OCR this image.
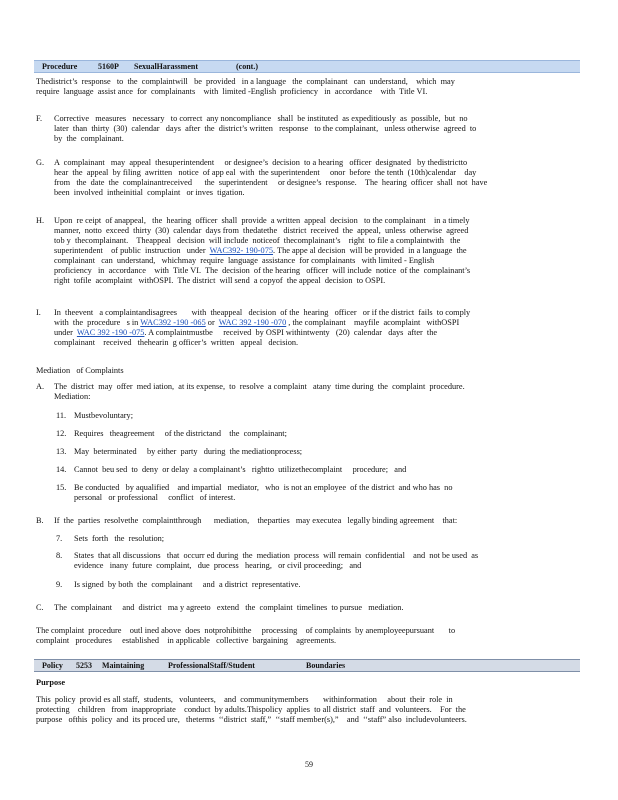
Procedure	5160P SexualHarassment	(cont.)

Thedistrict’s  response   to  the  complaintwill   be  provided   in a language   the  complainant   can  understand,    which  may

require  language  assist ance  for  complainants    with  limited -English  proficiency   in  accordance    with  Title VI.

F. Corrective   measures   necessary   to correct  any noncompliance   shall  be instituted  as expeditiously  as  possible,  but  no

later  than  thirty  (30)  calendar   days  after  the  district’s written   response   to the complainant,   unless otherwise  agreed  to

by  the  complainant.

G. A  complainant   may  appeal  thesuperintendent     or designee’s  decision  to a hearing   officer  designated   by thedistrictto

hear  the  appeal  by filing  awritten   notice  of app eal  with  the superintendent     onor  before  the tenth  (10th)calendar    day

from   the  date  the  complainantreceived      the  superintendent     or designee’s  response.    The  hearing  officer  shall  not  have

been  involved  intheinitial  complaint   or inves  tigation.

H. Upon  re ceipt  of anappeal,   the  hearing  officer  shall  provide  a written  appeal  decision   to the complainant    in a timely

manner,  notto  exceed  thirty  (30)  calendar  days from  thedatethe   district  received  the  appeal,  unless  otherwise  agreed

tob y  thecomplainant.    Theappeal   decision  will include  noticeof  thecomplainant’s    right  to file a complaintwith   the

superintendent    of public  instruction   under  WAC392- 190-075. The appe al decision  will be provided  in a language  the

complainant   can  understand,   whichmay  require  language  assistance  for complainants   with limited - English

proficiency   in  accordance    with  Title VI.  The  decision  of the hearing   officer  will include  notice  of the  complainant’s

right  tofile  acomplaint   withOSPI.  The district  will send  a copyof  the appeal  decision  to OSPI.

I. In  theevent   a complaintandisagrees       with  theappeal   decision  of the  hearing   officer   or if the district  fails  to comply

with  the  procedure   s in WAC392 -190 -065 or  WAC 392 -190 -070 , the complainant    mayfile  acomplaint   withOSPI

under  WAC 392 -190 -075. A complaintmustbe     received  by OSPI withintwenty   (20)  calendar   days  after  the

complainant    received   thehearin  g officer’s  written   appeal   decision.

Mediation   of Complaints

A. The  district  may  offer  med iation,  at its expense,  to  resolve  a complaint   atany  time during  the  complaint  procedure.

Mediation:

11. Mustbevoluntary;

12. Requires   theagreement     of the districtand    the  complainant;

13. May  beterminated     by either  party   during  the mediationprocess;

14. Cannot  beu sed  to  deny  or delay  a complainant’s   rightto  utilizethecomplaint     procedure;   and

15. Be conducted   by aqualified    and impartial   mediator,   who  is not an employee  of the district  and who has  no

personal   or professional     conflict   of interest.

B. If  the  parties  resolvethe  complaintthrough      mediation,    theparties   may executea   legally binding agreement    that:

7. Sets  forth   the  resolution;

8. States  that all discussions   that  occurr ed during  the  mediation  process  will remain  confidential    and  not be used  as

evidence   inany  future  complaint,   due  process   hearing,   or civil proceeding;   and

9. Is signed  by both  the  complainant     and  a district  representative.

C. The  complainant     and  district   ma y agreeto   extend   the  complaint  timelines  to pursue   mediation.

The complaint  procedure    outl ined above  does  notprohibitthe     processing    of complaints  by anemployeepursuant       to

complaint   procedures     established    in applicable   collective  bargaining    agreements.

Policy 5253 Maintaining	ProfessionalStaff/Student	Boundaries

Purpose

This  policy  provid es all staff,  students,   volunteers,    and  communitymembers       withinformation     about  their  role  in

protecting    children   from  inappropriate    conduct  by adults.Thispolicy  applies  to all district  staff  and  volunteers.    For  the

purpose   ofthis  policy  and  its proced ure,   theterms  ‘‘district  staff,”  ‘‘staff member(s),”    and  ‘‘staff” also  includevolunteers.

59
